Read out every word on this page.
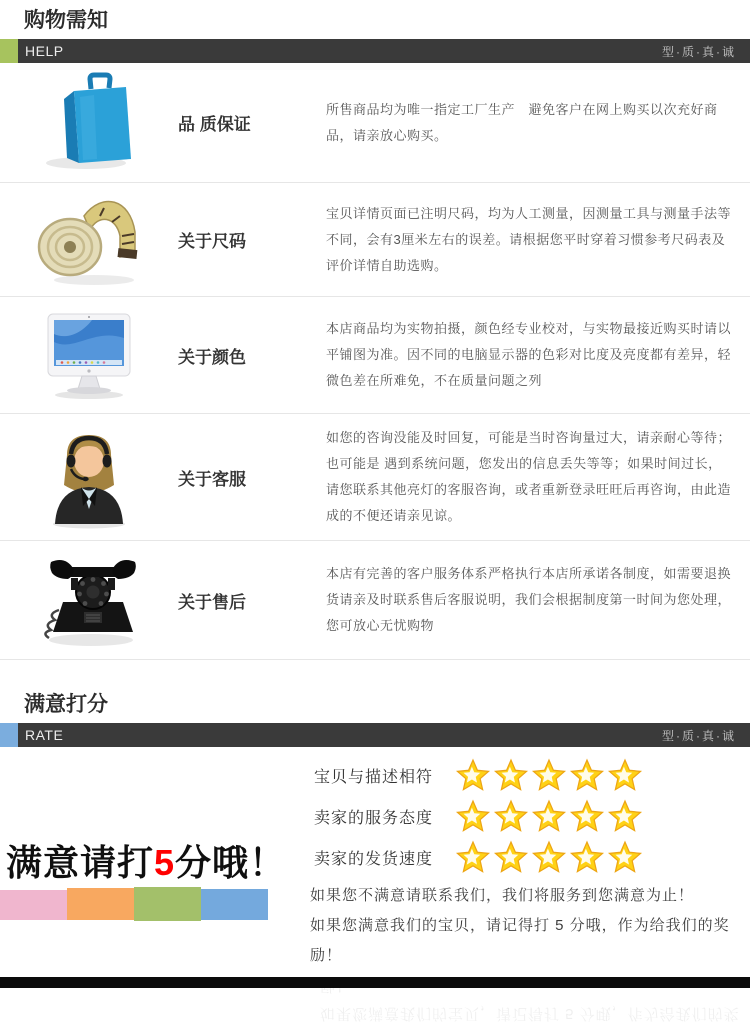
购物需知
HELP	型·质·真·诚
品 质保证
所售商品均为唯一指定工厂生产　避免客户在网上购买以次充好商品，请亲放心购买。
关于尺码
宝贝详情页面已注明尺码，均为人工测量，因测量工具与测量手法等不同，会有3厘米左右的误差。请根据您平时穿着习惯参考尺码表及评价详情自助选购。
关于颜色
本店商品均为实物拍摄，颜色经专业校对，与实物最接近购买时请以平铺图为准。因不同的电脑显示器的色彩对比度及亮度都有差异，轻微色差在所难免，不在质量问题之列
关于客服
如您的咨询没能及时回复，可能是当时咨询量过大，请亲耐心等待；也可能是 遇到系统问题，您发出的信息丢失等等；如果时间过长，请您联系其他亮灯的客服咨询，或者重新登录旺旺后再咨询，由此造成的不便还请亲见谅。
关于售后
本店有完善的客户服务体系严格执行本店所承诺各制度，如需要退换货请亲及时联系售后客服说明，我们会根据制度第一时间为您处理，您可放心无忧购物
满意打分
RATE	型·质·真·诚
满意请打5分哦！
宝贝与描述相符
卖家的服务态度
卖家的发货速度
如果您不满意请联系我们，我们将服务到您满意为止！
如果您满意我们的宝贝，请记得打 5 分哦，作为给我们的奖励！
如果您满意我们的宝贝，请记得打 5 分哦，作为给我们的奖
